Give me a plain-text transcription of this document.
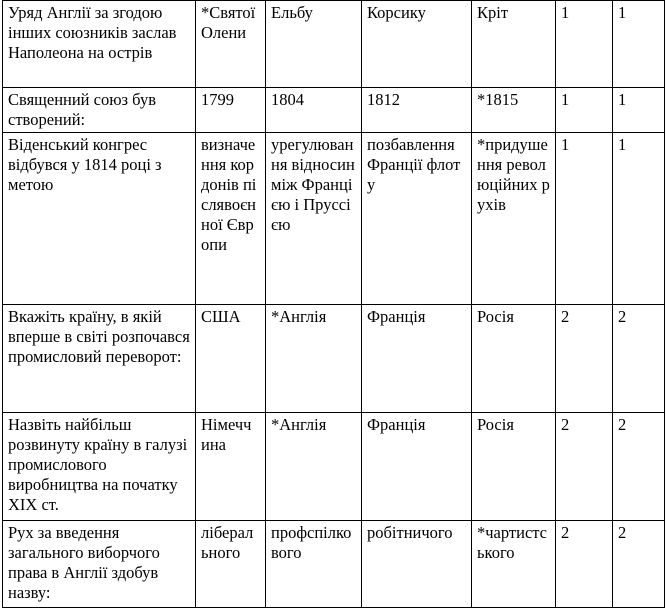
Уряд Англії за згодою інших союзників заслав Наполеона на острів	*Святої Олени	Ельбу	Корсику	Кріт	1	1
Священний союз був створений:	1799	1804	1812	*1815	1	1
Віденський конгрес відбувся у 1814 році з метою	визначення кордонів післявоєнної Європи	урегулювання відносин між Францією і Пруссією	позбавлення Франції флоту	*придушення революційних рухів	1	1
Вкажіть країну, в якій вперше в світі розпочався промисловий переворот:	США	*Англія	Франція	Росія	2	2
Назвіть найбільш розвинуту країну в галузі промислового виробництва на початку XIX ст.	Німеччина	*Англія	Франція	Росія	2	2
Рух за введення загального виборчого права в Англії здобув назву:	ліберального	профспілкового	робітничого	*чартистського	2	2
